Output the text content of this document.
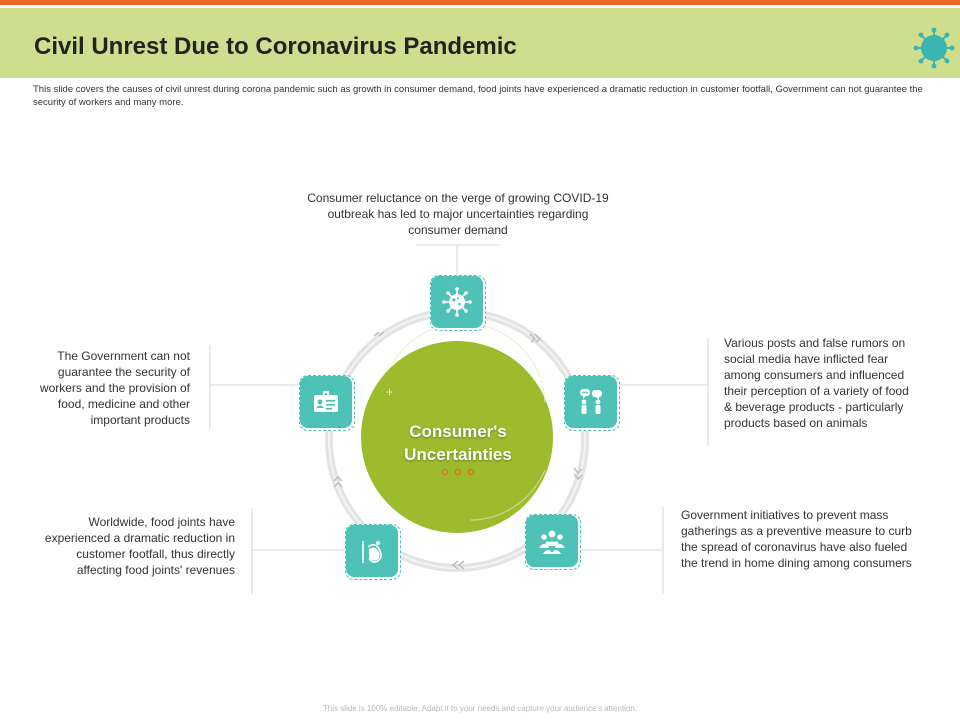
Civil Unrest Due to Coronavirus Pandemic
This slide covers the causes of civil unrest during corona pandemic such as growth in consumer demand, food joints have experienced a dramatic reduction in customer footfall, Government can not guarantee the security of workers and many more.
+
Consumer's
Uncertainties
Consumer reluctance on the verge of growing COVID-19 outbreak has led to major uncertainties regarding consumer demand
Various posts and false rumors on social media have inflicted fear among consumers and influenced their perception of a variety of food & beverage products - particularly products based on animals
Government initiatives to prevent mass gatherings as a preventive measure to curb the spread of coronavirus have also fueled the trend in home dining among consumers
Worldwide, food joints have experienced a dramatic reduction in customer footfall, thus directly affecting food joints' revenues
The Government can not guarantee the security of workers and the provision of food, medicine and other important products
This slide is 100% editable. Adapt it to your needs and capture your audience's attention.
